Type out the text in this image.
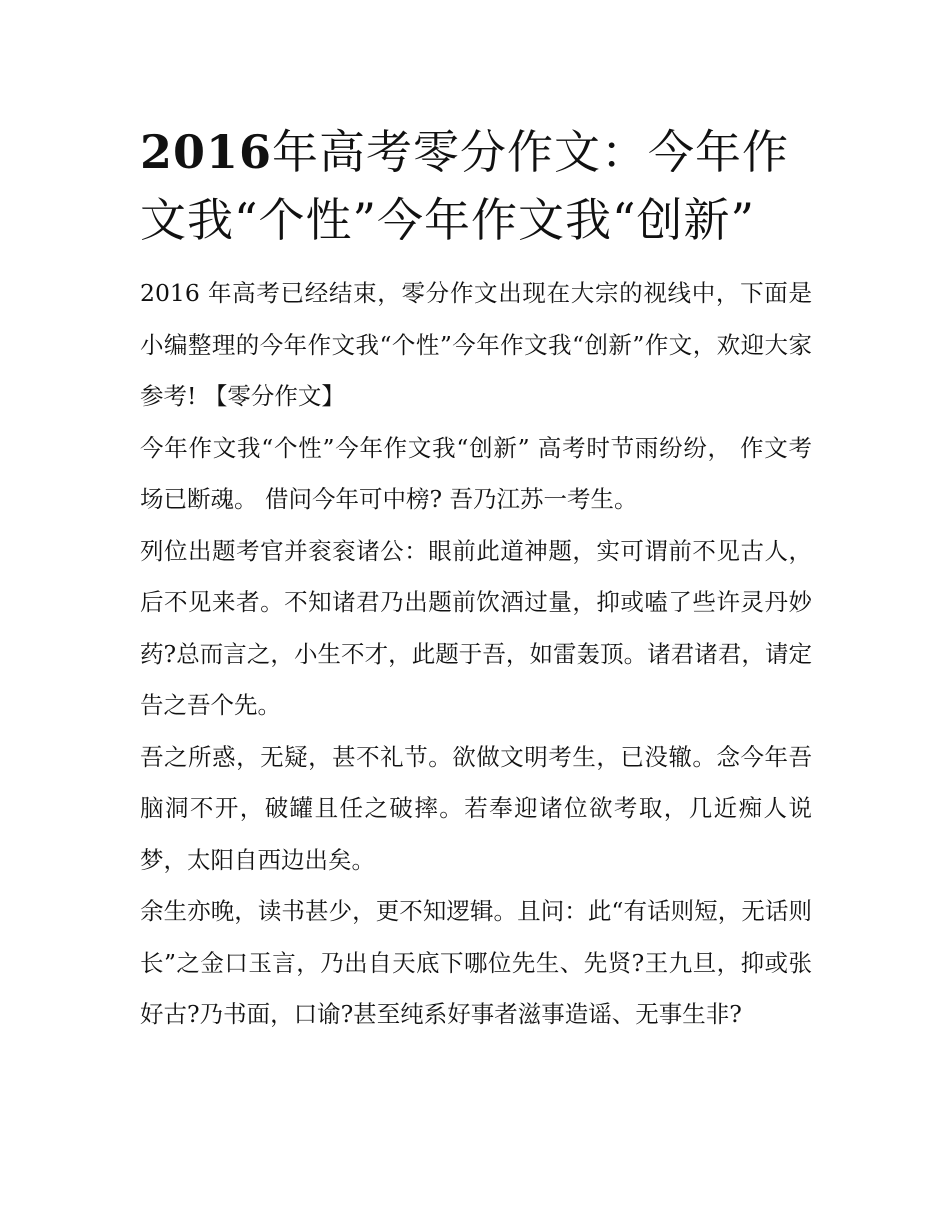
2016年高考零分作文：今年作文我“个性”今年作文我“创新”

2016 年高考已经结束，零分作文出现在大宗的视线中，下面是小编整理的今年作文我“个性”今年作文我“创新”作文，欢迎大家参考! 【零分作文】

今年作文我“个性”今年作文我“创新” 高考时节雨纷纷， 作文考场已断魂。 借问今年可中榜? 吾乃江苏一考生。

列位出题考官并衮衮诸公：眼前此道神题，实可谓前不见古人，后不见来者。不知诸君乃出题前饮酒过量，抑或嗑了些许灵丹妙药?总而言之，小生不才，此题于吾，如雷轰顶。诸君诸君，请定告之吾个先。

吾之所惑，无疑，甚不礼节。欲做文明考生，已没辙。念今年吾脑洞不开，破罐且任之破摔。若奉迎诸位欲考取，几近痴人说梦，太阳自西边出矣。

余生亦晚，读书甚少，更不知逻辑。且问：此“有话则短，无话则长”之金口玉言，乃出自天底下哪位先生、先贤?王九旦，抑或张好古?乃书面，口谕?甚至纯系好事者滋事造谣、无事生非?
